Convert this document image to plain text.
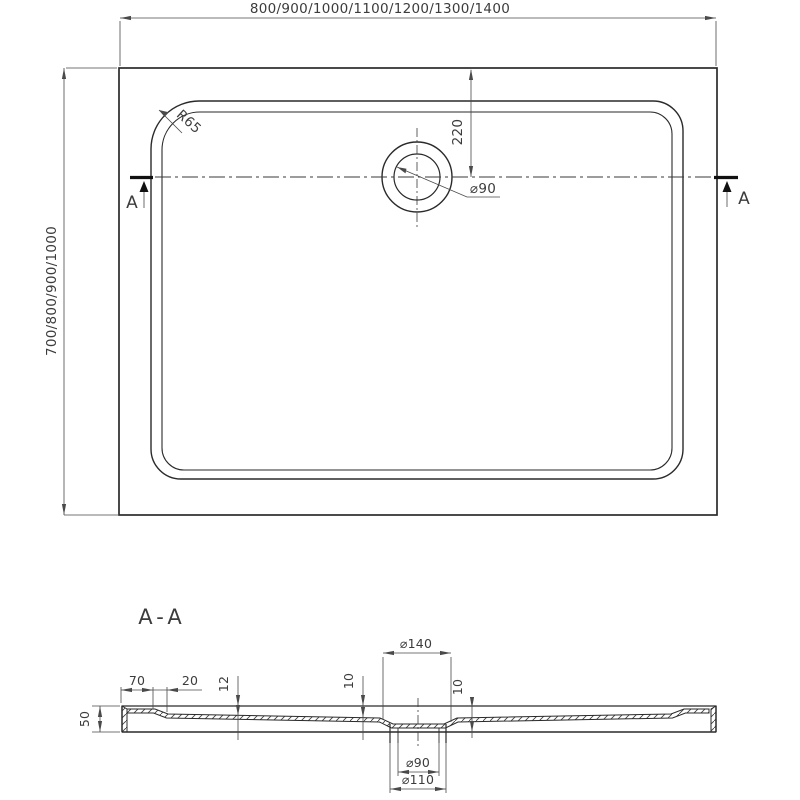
800/900/1000/1100/1200/1300/1400
700/800/900/1000
220
⌀90
R65
A	A
A-A
50
70	20 12	10
⌀140
10
⌀90
⌀110
